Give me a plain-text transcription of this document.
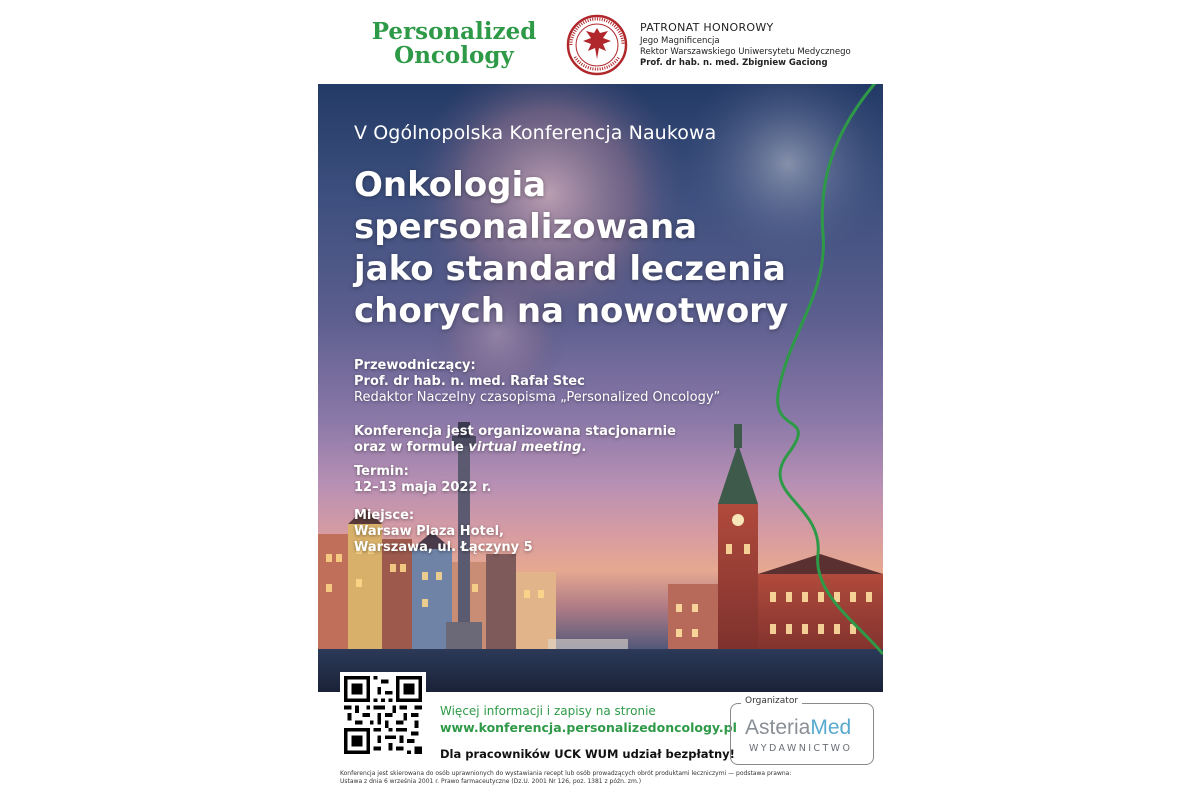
Personalized
Oncology
PATRONAT HONOROWY
Jego Magnificencja
Rektor Warszawskiego Uniwersytetu Medycznego
Prof. dr hab. n. med. Zbigniew Gaciong
V Ogólnopolska Konferencja Naukowa
Onkologia
spersonalizowana
jako standard leczenia
chorych na nowotwory
Przewodniczący:
Prof. dr hab. n. med. Rafał Stec
Redaktor Naczelny czasopisma „Personalized Oncology”
Konferencja jest organizowana stacjonarnie
oraz w formule virtual meeting.
Termin:
12–13 maja 2022 r.
Miejsce:
Warsaw Plaza Hotel,
Warszawa, ul. Łączyny 5
Więcej informacji i zapisy na stronie
www.konferencja.personalizedoncology.pl
Dla pracowników UCK WUM udział bezpłatny!
Organizator
AsteriaMed
WYDAWNICTWO
Konferencja jest skierowana do osób uprawnionych do wystawiania recept lub osób prowadzących obrót produktami leczniczymi — podstawa prawna:
Ustawa z dnia 6 września 2001 r. Prawo farmaceutyczne (Dz.U. 2001 Nr 126, poz. 1381 z późn. zm.)
